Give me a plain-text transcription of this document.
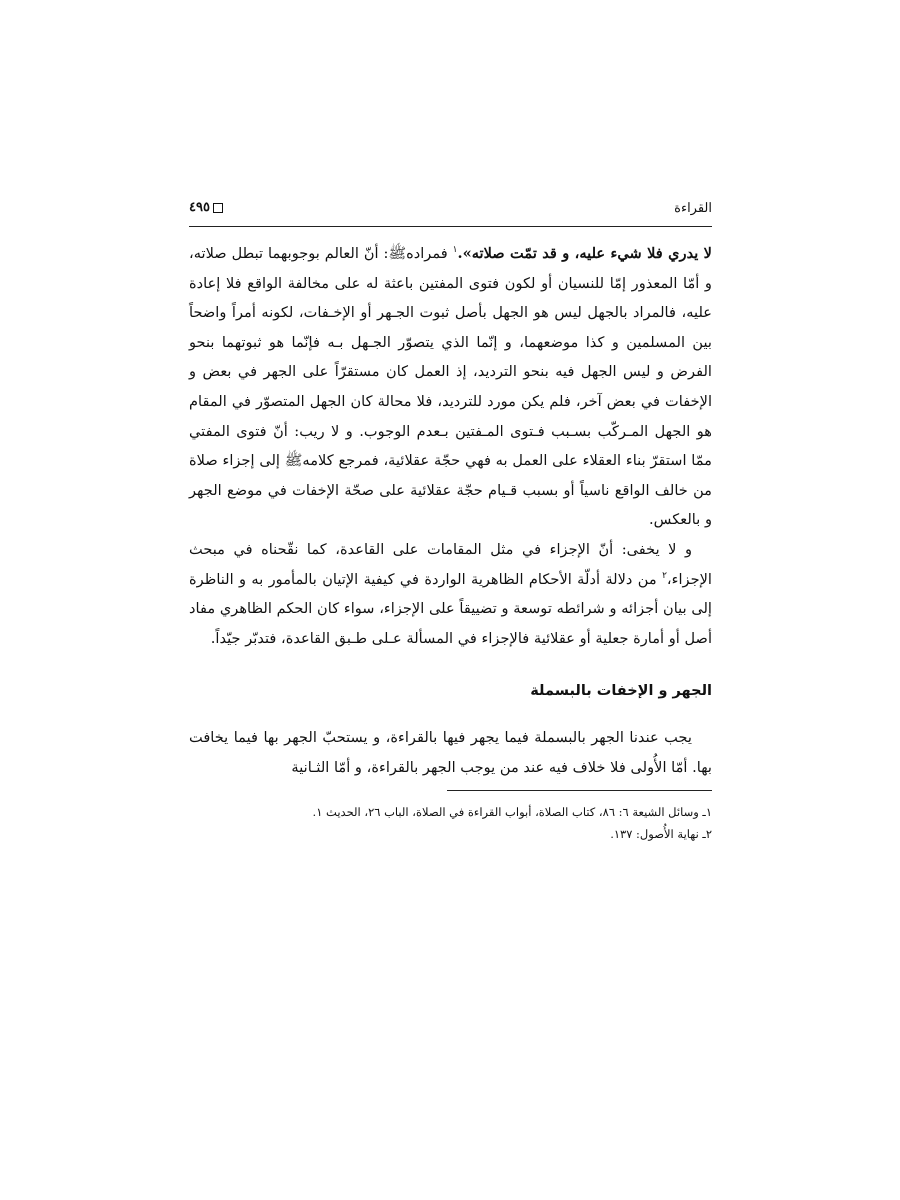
القراءة
٤٩٥

لا يدري فلا شيء عليه، و قد تمّت صلاته».$^١$ فمراده‌ﷺ: أنّ العالم بوجوبهما تبطل صلاته، و أمّا المعذور إمّا للنسيان أو لكون فتوى المفتين باعثة له على مخالفة الواقع فلا إعادة عليه، فالمراد بالجهل ليس هو الجهل بأصل ثبوت الجـهر أو الإخـفات، لكونه أمراً واضحاً بين المسلمين و كذا موضعهما، و إنّما الذي يتصوّر الجـهل بـه فإنّما هو ثبوتهما بنحو الفرض و ليس الجهل فيه بنحو الترديد، إذ العمل كان مستقرّاً على الجهر في بعض و الإخفات في بعض آخر، فلم يكن مورد للترديد، فلا محالة كان الجهل المتصوّر في المقام هو الجهل المـركّب بسـبب فـتوى المـفتين بـعدم الوجوب. و لا ريب: أنّ فتوى المفتي ممّا استقرّ بناء العقلاء على العمل به فهي حجّة عقلائية، فمرجع كلامه‌ﷺ إلى إجزاء صلاة من خالف الواقع ناسياً أو بسبب قـيام حجّة عقلائية على صحّة الإخفات في موضع الجهر و بالعكس.

و لا يخفى: أنّ الإجزاء في مثل المقامات على القاعدة، كما نقّحناه في مبحث الإجزاء،$^٢$ من دلالة أدلّة الأحكام الظاهرية الواردة في كيفية الإتيان بالمأمور به و الناظرة إلى بيان أجزائه و شرائطه توسعة و تضييقاً على الإجزاء، سواء كان الحكم الظاهري مفاد أصل أو أمارة جعلية أو عقلائية فالإجزاء في المسألة عـلى طـبق القاعدة، فتدبّر جيّداً.

الجهر و الإخفات بالبسملة

يجب عندنا الجهر بالبسملة فيما يجهر فيها بالقراءة، و يستحبّ الجهر بها فيما يخافت بها. أمّا الأُولى فلا خلاف فيه عند من يوجب الجهر بالقراءة، و أمّا الثـانية

١ـ وسائل الشيعة ٦: ٨٦، كتاب الصلاة، أبواب القراءة في الصلاة، الباب ٢٦، الحديث ١.
٢ـ نهاية الأُصول: ١٣٧.
